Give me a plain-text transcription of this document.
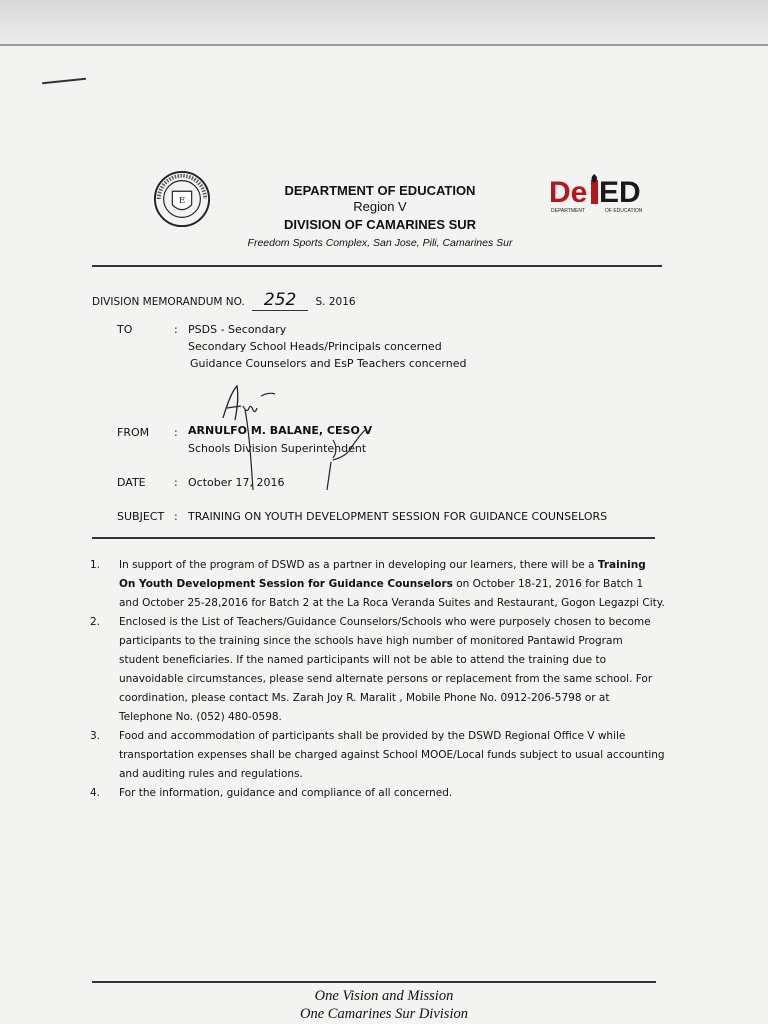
E
DEPARTMENT OF EDUCATION
Region V
DIVISION OF CAMARINES SUR
Freedom Sports Complex, San Jose, Pili, Camarines Sur
De ED
DEPARTMENT	OF EDUCATION
DIVISION MEMORANDUM NO. 252 S. 2016
TO	: PSDS - Secondary
Secondary School Heads/Principals concerned
Guidance Counselors and EsP Teachers concerned
FROM : ARNULFO M. BALANE, CESO V
Schools Division Superintendent
DATE	: October 17, 2016
SUBJECT : TRAINING ON YOUTH DEVELOPMENT SESSION FOR GUIDANCE COUNSELORS
1. In support of the program of DSWD as a partner in developing our learners, there will be a Training On Youth Development Session for Guidance Counselors on October 18-21, 2016 for Batch 1 and October 25-28,2016 for Batch 2 at the La Roca Veranda Suites and Restaurant, Gogon Legazpi City.
2. Enclosed is the List of Teachers/Guidance Counselors/Schools who were purposely chosen to become participants to the training since the schools have high number of monitored Pantawid Program student beneficiaries. If the named participants will not be able to attend the training due to unavoidable circumstances, please send alternate persons or replacement from the same school. For coordination, please contact Ms. Zarah Joy R. Maralit , Mobile Phone No. 0912-206-5798 or at Telephone No. (052) 480-0598.
3. Food and accommodation of participants shall be provided by the DSWD Regional Office V while transportation expenses shall be charged against School MOOE/Local funds subject to usual accounting and auditing rules and regulations.
4. For the information, guidance and compliance of all concerned.
One Vision and Mission
One Camarines Sur Division
